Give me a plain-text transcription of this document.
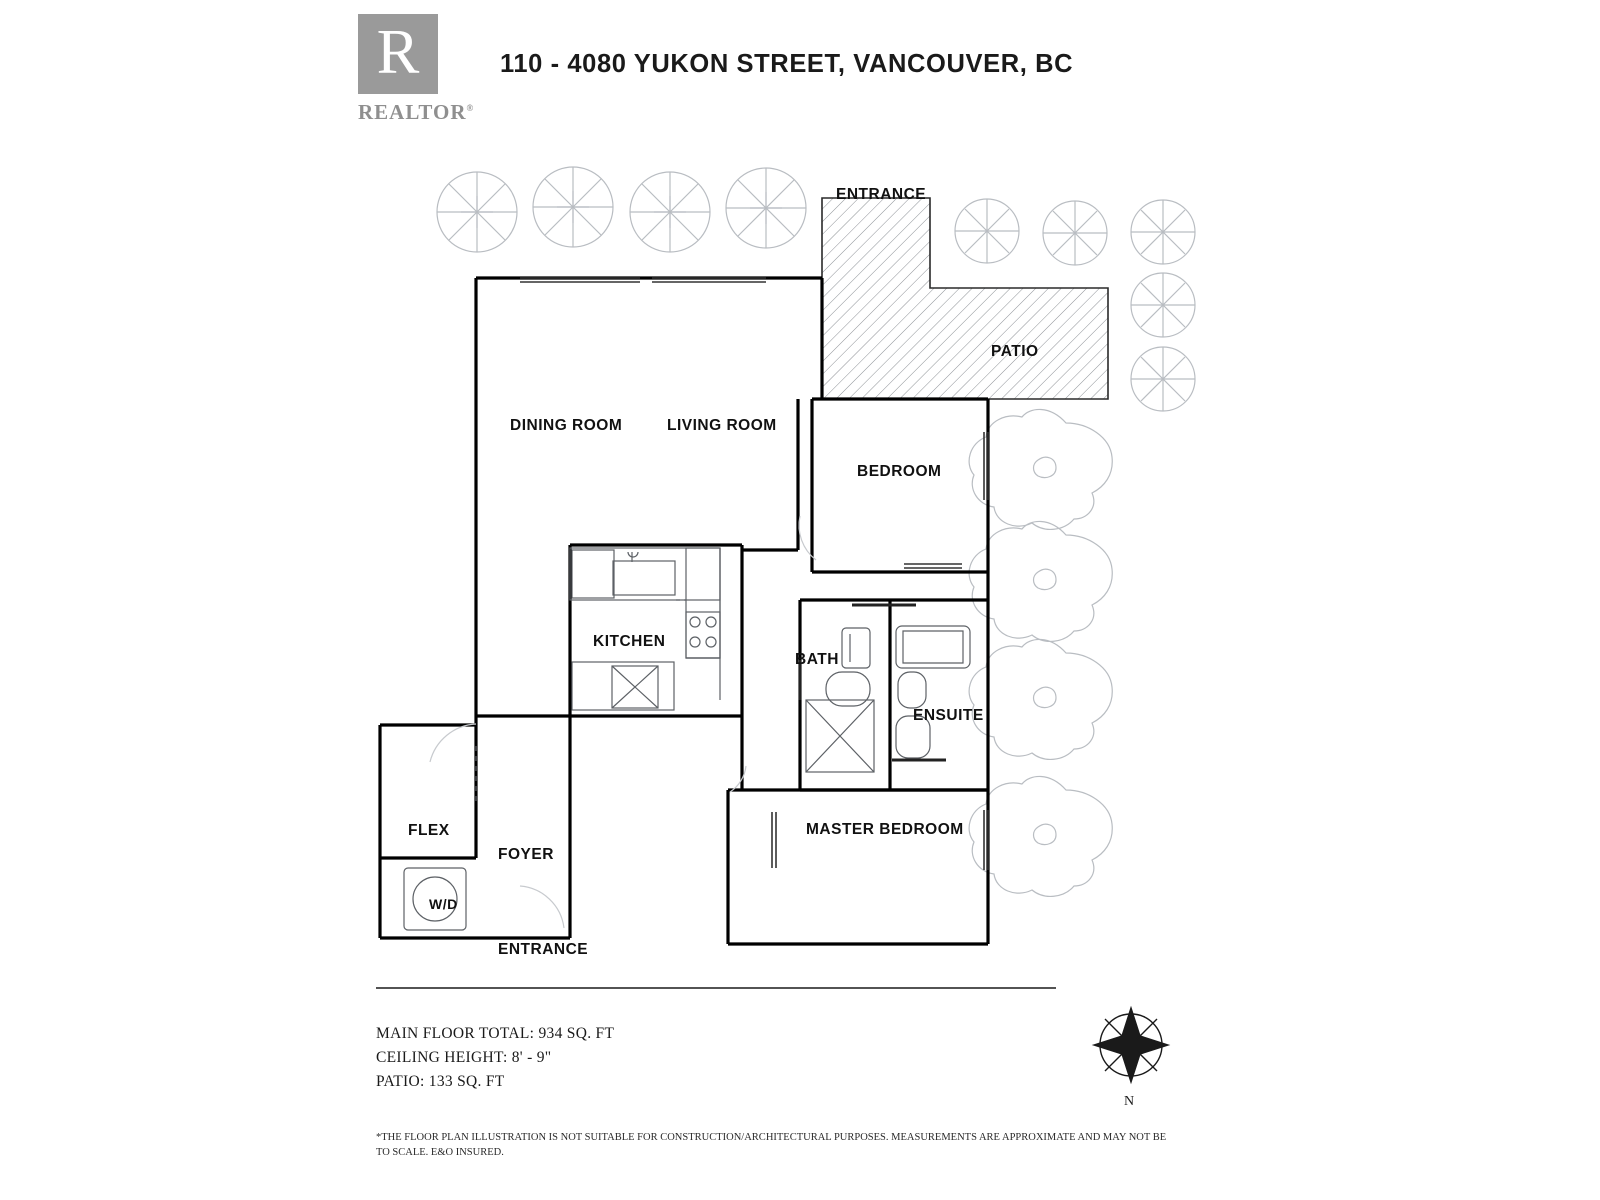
R
REALTOR®
110 - 4080 YUKON STREET, VANCOUVER, BC
ENTRANCE
PATIO
DINING ROOM	LIVING ROOM
BEDROOM
KITCHEN
BATH
ENSUITE
MASTER BEDROOM
FLEX
FOYER
W/D
ENTRANCE
MAIN FLOOR TOTAL: 934 SQ. FT
CEILING HEIGHT: 8' - 9"
PATIO: 133 SQ. FT
N
*THE FLOOR PLAN ILLUSTRATION IS NOT SUITABLE FOR CONSTRUCTION/ARCHITECTURAL PURPOSES. MEASUREMENTS ARE APPROXIMATE AND MAY NOT BE TO SCALE. E&O INSURED.
